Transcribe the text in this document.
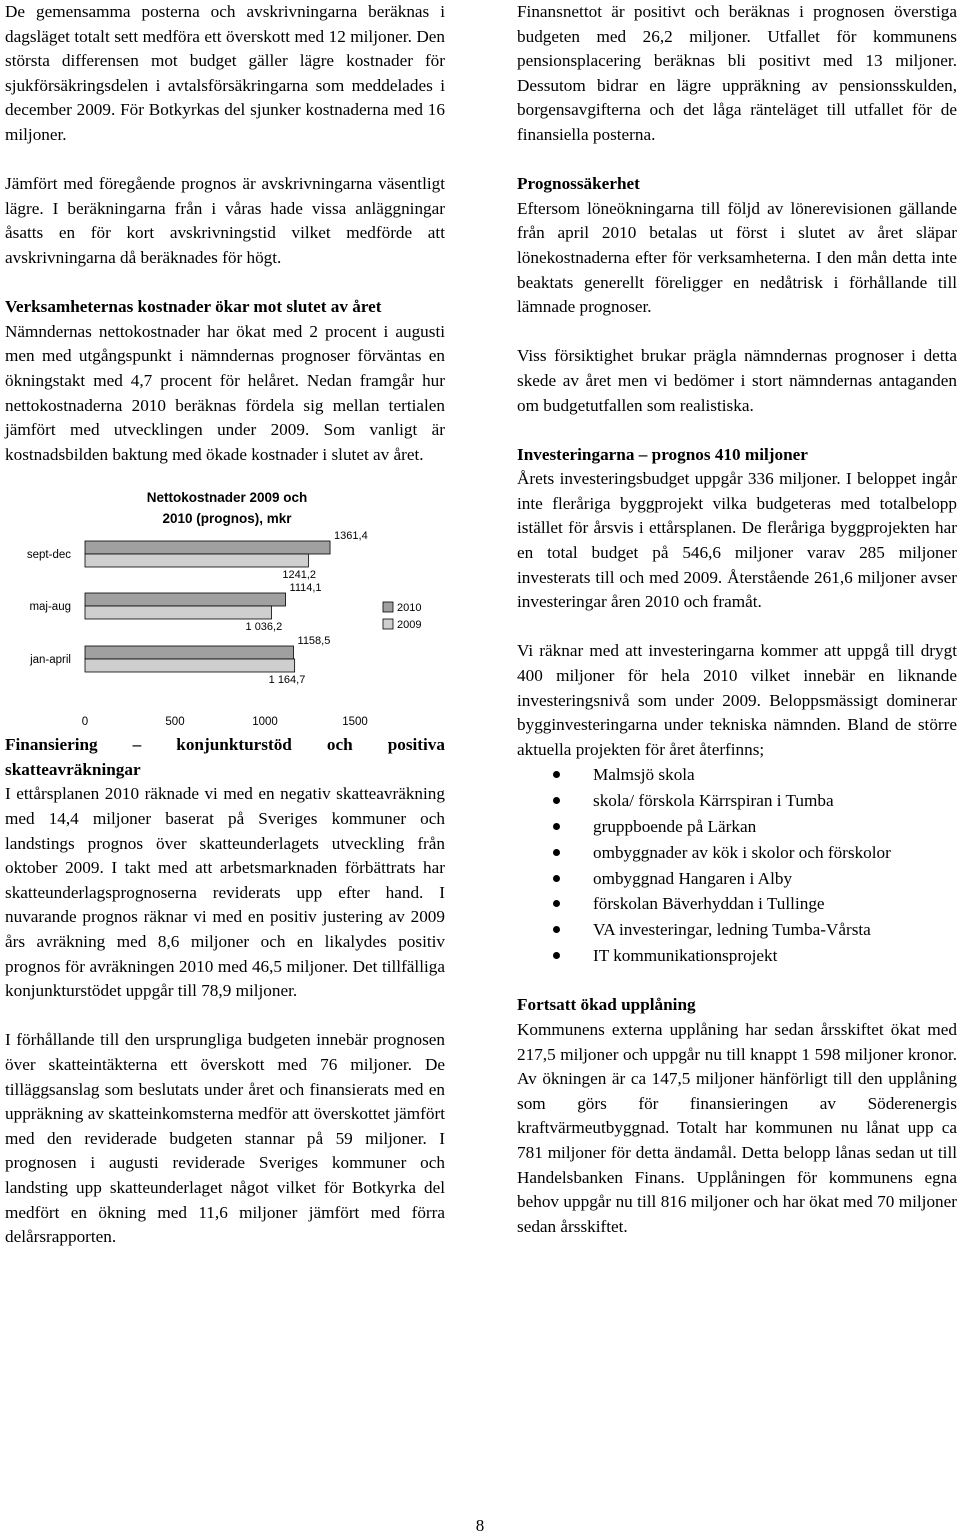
De gemensamma posterna och avskrivningarna beräknas i dagsläget totalt sett medföra ett överskott med 12 miljoner. Den största differensen mot budget gäller lägre kostnader för sjukförsäkringsdelen i avtalsförsäkringarna som meddelades i december 2009. För Botkyrkas del sjunker kostnaderna med 16 miljoner.

Jämfört med föregående prognos är avskrivningarna väsentligt lägre. I beräkningarna från i våras hade vissa anläggningar åsatts en för kort avskrivningstid vilket medförde att avskrivningarna då beräknades för högt.

Verksamheternas kostnader ökar mot slutet av året

Nämndernas nettokostnader har ökat med 2 procent i augusti men med utgångspunkt i nämndernas prognoser förväntas en ökningstakt med 4,7 procent för helåret. Nedan framgår hur nettokostnaderna 2010 beräknas fördela sig mellan tertialen jämfört med utvecklingen under 2009. Som vanligt är kostnadsbilden baktung med ökade kostnader i slutet av året.

Nettokostnader 2009 och
2010 (prognos), mkr
sept-dec
1361,4
1241,2
maj-aug
1114,1
1 036,2
jan-april
1158,5
1 164,7
0	500	1000	1500
2010
2009

Finansiering – konjunkturstöd och positiva skatteavräkningar

I ettårsplanen 2010 räknade vi med en negativ skatteavräkning med 14,4 miljoner baserat på Sveriges kommuner och landstings prognos över skatteunderlagets utveckling från oktober 2009. I takt med att arbetsmarknaden förbättrats har skatteunderlagsprognoserna reviderats upp efter hand. I nuvarande prognos räknar vi med en positiv justering av 2009 års avräkning med 8,6 miljoner och en likalydes positiv prognos för avräkningen 2010 med 46,5 miljoner. Det tillfälliga konjunkturstödet uppgår till 78,9 miljoner.

I förhållande till den ursprungliga budgeten innebär prognosen över skatteintäkterna ett överskott med 76 miljoner. De tilläggsanslag som beslutats under året och finansierats med en uppräkning av skatteinkomsterna medför att överskottet jämfört med den reviderade budgeten stannar på 59 miljoner. I prognosen i augusti reviderade Sveriges kommuner och landsting upp skatteunderlaget något vilket för Botkyrka del medfört en ökning med 11,6 miljoner jämfört med förra delårsrapporten.

Finansnettot är positivt och beräknas i prognosen överstiga budgeten med 26,2 miljoner. Utfallet för kommunens pensionsplacering beräknas bli positivt med 13 miljoner. Dessutom bidrar en lägre uppräkning av pensionsskulden, borgensavgifterna och det låga ränteläget till utfallet för de finansiella posterna.

Prognossäkerhet

Eftersom löneökningarna till följd av lönerevisionen gällande från april 2010 betalas ut först i slutet av året släpar lönekostnaderna efter för verksamheterna. I den mån detta inte beaktats generellt föreligger en nedåtrisk i förhållande till lämnade prognoser.

Viss försiktighet brukar prägla nämndernas prognoser i detta skede av året men vi bedömer i stort nämndernas antaganden om budgetutfallen som realistiska.

Investeringarna – prognos 410 miljoner

Årets investeringsbudget uppgår 336 miljoner. I beloppet ingår inte fleråriga byggprojekt vilka budgeteras med totalbelopp istället för årsvis i ettårsplanen. De fleråriga byggprojekten har en total budget på 546,6 miljoner varav 285 miljoner investerats till och med 2009. Återstående 261,6 miljoner avser investeringar åren 2010 och framåt.

Vi räknar med att investeringarna kommer att uppgå till drygt 400 miljoner för hela 2010 vilket innebär en liknande investeringsnivå som under 2009. Beloppsmässigt dominerar bygginvesteringarna under tekniska nämnden. Bland de större aktuella projekten för året återfinns;

Malmsjö skola
skola/ förskola Kärrspiran i Tumba
gruppboende på Lärkan
ombyggnader av kök i skolor och förskolor
ombyggnad Hangaren i Alby
förskolan Bäverhyddan i Tullinge
VA investeringar, ledning Tumba-Vårsta
IT kommunikationsprojekt

Fortsatt ökad upplåning

Kommunens externa upplåning har sedan årsskiftet ökat med 217,5 miljoner och uppgår nu till knappt 1 598 miljoner kronor. Av ökningen är ca 147,5 miljoner hänförligt till den upplåning som görs för finansieringen av Söderenergis kraftvärmeutbyggnad. Totalt har kommunen nu lånat upp ca 781 miljoner för detta ändamål. Detta belopp lånas sedan ut till Handelsbanken Finans. Upplåningen för kommunens egna behov uppgår nu till 816 miljoner och har ökat med 70 miljoner sedan årsskiftet.

8
